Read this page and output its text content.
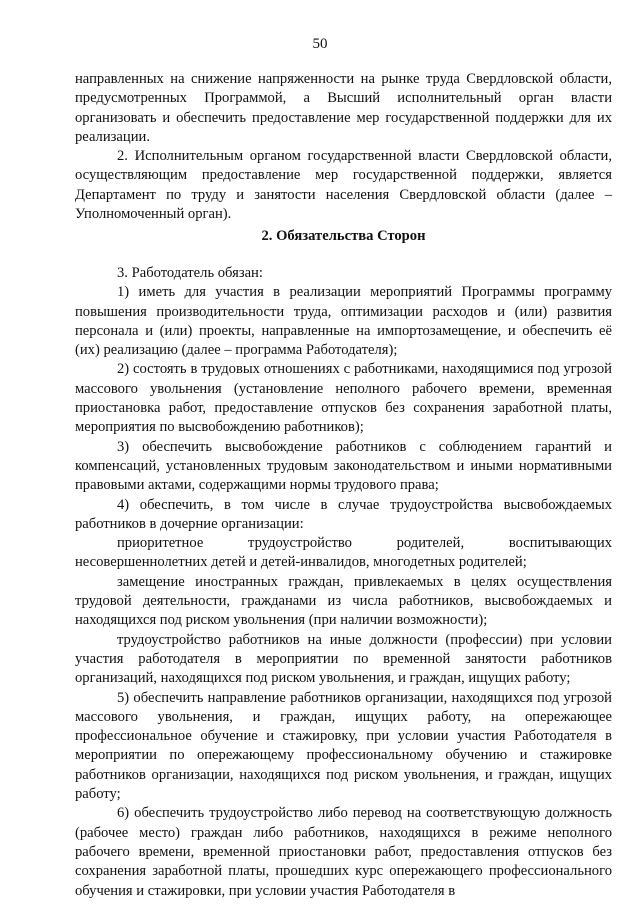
50

направленных на снижение напряженности на рынке труда Свердловской области, предусмотренных Программой, а Высший исполнительный орган власти организовать и обеспечить предоставление мер государственной поддержки для их реализации.

2. Исполнительным органом государственной власти Свердловской области, осуществляющим предоставление мер государственной поддержки, является Департамент по труду и занятости населения Свердловской области (далее – Уполномоченный орган).

2. Обязательства Сторон

3. Работодатель обязан:

1) иметь для участия в реализации мероприятий Программы программу повышения производительности труда, оптимизации расходов и (или) развития персонала и (или) проекты, направленные на импортозамещение, и обеспечить её (их) реализацию (далее – программа Работодателя);

2) состоять в трудовых отношениях с работниками, находящимися под угрозой массового увольнения (установление неполного рабочего времени, временная приостановка работ, предоставление отпусков без сохранения заработной платы, мероприятия по высвобождению работников);

3) обеспечить высвобождение работников с соблюдением гарантий и компенсаций, установленных трудовым законодательством и иными нормативными правовыми актами, содержащими нормы трудового права;

4) обеспечить, в том числе в случае трудоустройства высвобождаемых работников в дочерние организации:

приоритетное трудоустройство родителей, воспитывающих несовершеннолетних детей и детей-инвалидов, многодетных родителей;

замещение иностранных граждан, привлекаемых в целях осуществления трудовой деятельности, гражданами из числа работников, высвобождаемых и находящихся под риском увольнения (при наличии возможности);

трудоустройство работников на иные должности (профессии) при условии участия работодателя в мероприятии по временной занятости работников организаций, находящихся под риском увольнения, и граждан, ищущих работу;

5) обеспечить направление работников организации, находящихся под угрозой массового увольнения, и граждан, ищущих работу, на опережающее профессиональное обучение и стажировку, при условии участия Работодателя в мероприятии по опережающему профессиональному обучению и стажировке работников организации, находящихся под риском увольнения, и граждан, ищущих работу;

6) обеспечить трудоустройство либо перевод на соответствующую должность (рабочее место) граждан либо работников, находящихся в режиме неполного рабочего времени, временной приостановки работ, предоставления отпусков без сохранения заработной платы, прошедших курс опережающего профессионального обучения и стажировки, при условии участия Работодателя в
